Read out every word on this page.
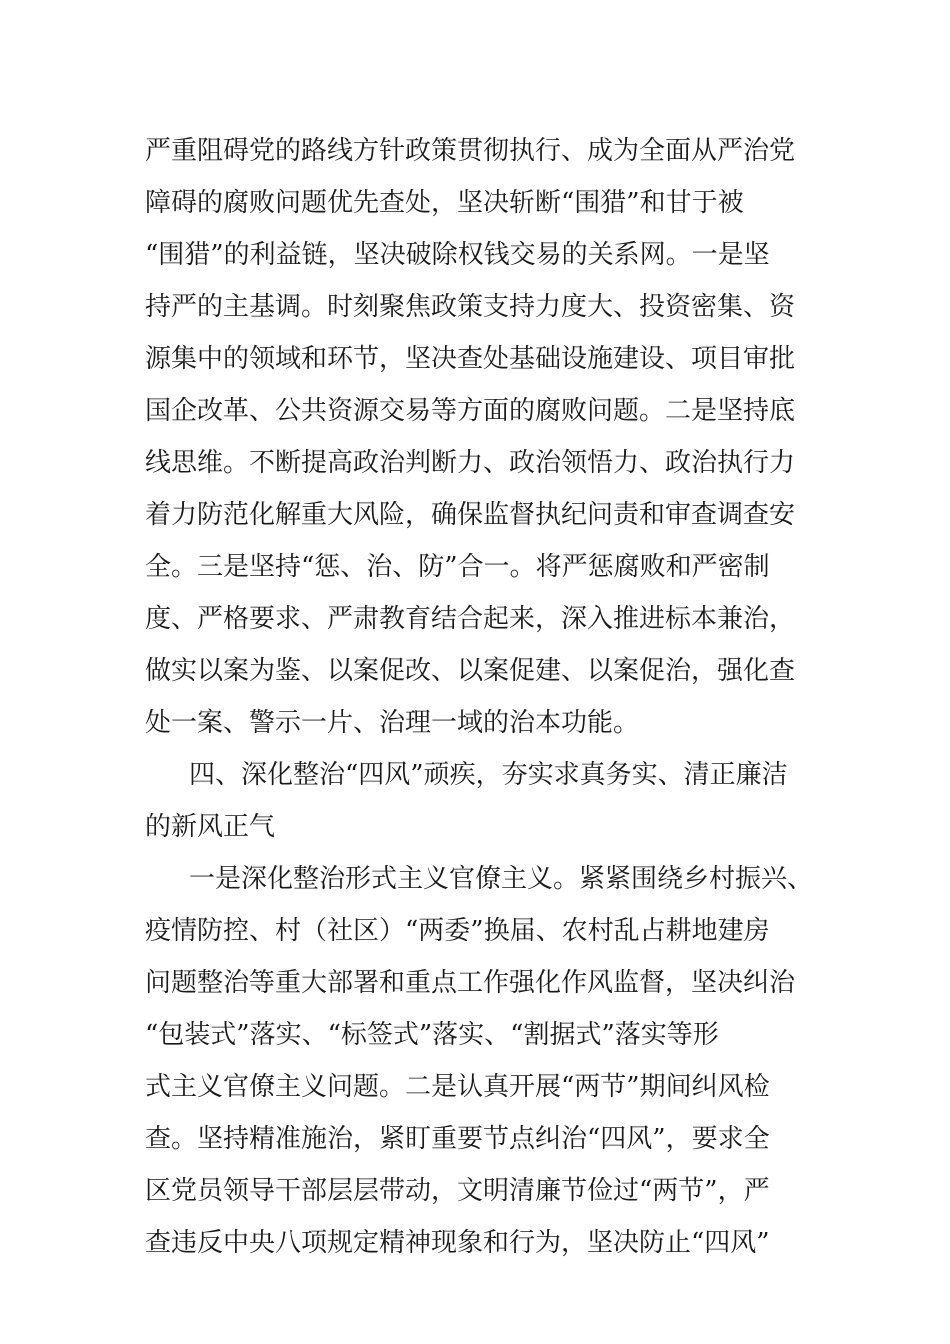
严重阻碍党的路线方针政策贯彻执行、成为全面从严治党
障碍的腐败问题优先查处，坚决斩断“围猎”和甘于被
“围猎”的利益链，坚决破除权钱交易的关系网。一是坚
持严的主基调。时刻聚焦政策支持力度大、投资密集、资
源集中的领域和环节，坚决查处基础设施建设、项目审批
国企改革、公共资源交易等方面的腐败问题。二是坚持底
线思维。不断提高政治判断力、政治领悟力、政治执行力
着力防范化解重大风险，确保监督执纪问责和审查调查安
全。三是坚持“惩、治、防”合一。将严惩腐败和严密制
度、严格要求、严肃教育结合起来，深入推进标本兼治，
做实以案为鉴、以案促改、以案促建、以案促治，强化查
处一案、警示一片、治理一域的治本功能。
四、深化整治“四风”顽疾，夯实求真务实、清正廉洁
的新风正气
一是深化整治形式主义官僚主义。紧紧围绕乡村振兴、
疫情防控、村（社区）“两委”换届、农村乱占耕地建房
问题整治等重大部署和重点工作强化作风监督，坚决纠治
“包装式”落实、“标签式”落实、“割据式”落实等形
式主义官僚主义问题。二是认真开展“两节”期间纠风检
查。坚持精准施治，紧盯重要节点纠治“四风”，要求全
区党员领导干部层层带动，文明清廉节俭过“两节”，严
查违反中央八项规定精神现象和行为，坚决防止“四风”
